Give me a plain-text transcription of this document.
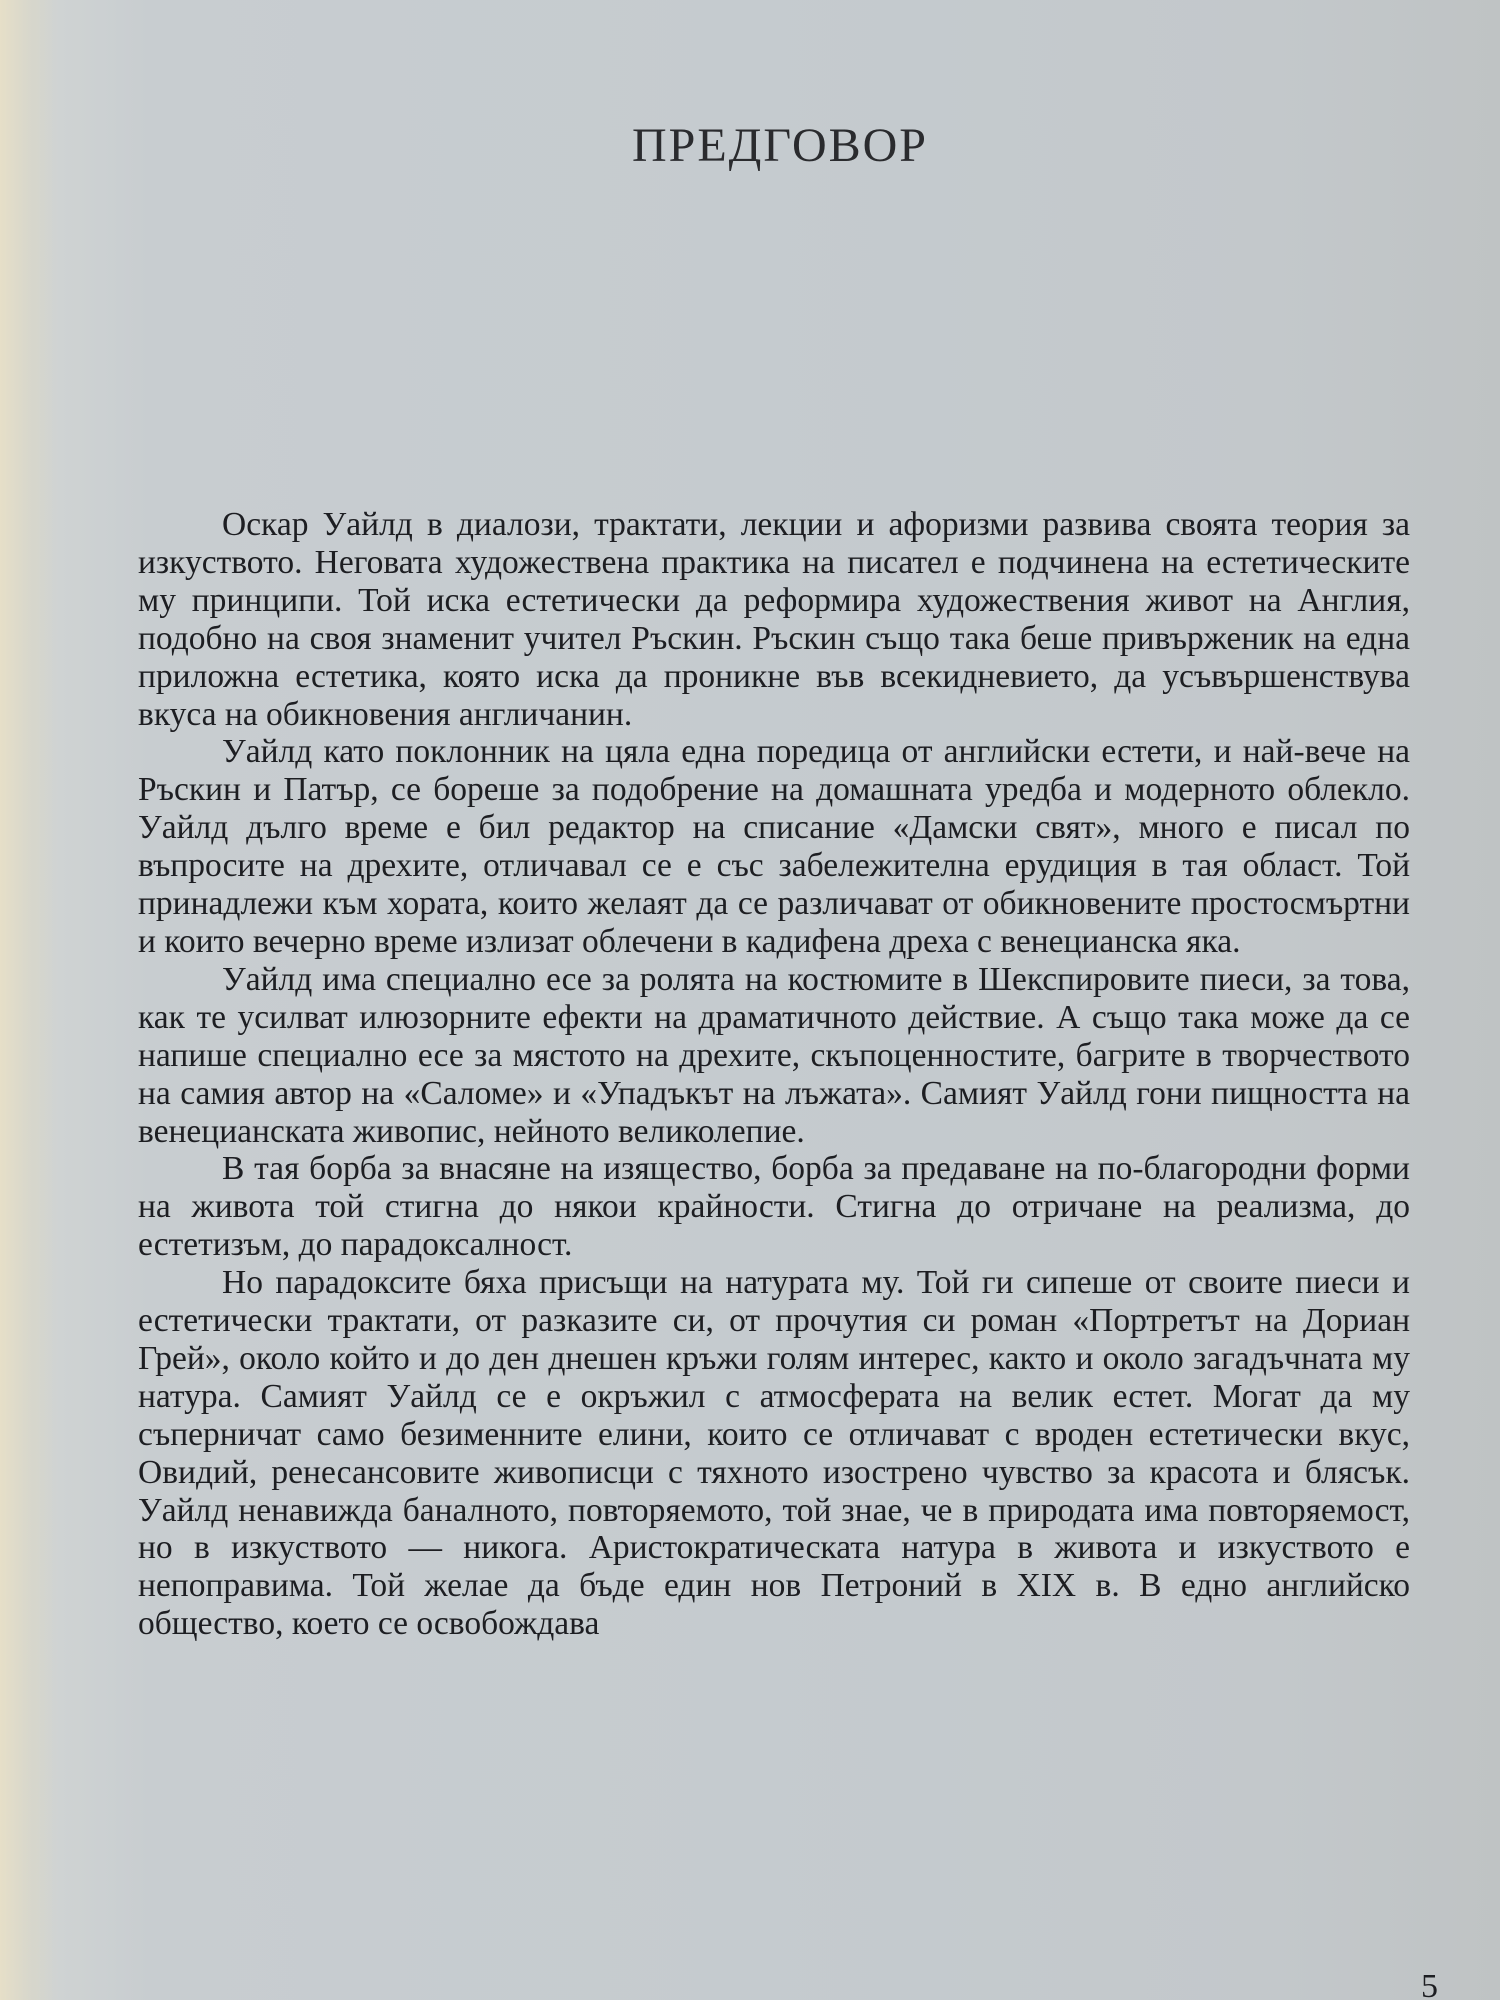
ПРЕДГОВОР

Оскар Уайлд в диалози, трактати, лекции и афоризми развива своята теория за изкуството. Неговата художествена практика на писател е подчинена на естетическите му принципи. Той иска естетически да реформира художествения живот на Англия, подобно на своя знаменит учител Ръскин. Ръскин също така беше привърженик на една приложна естетика, която иска да проникне във всекидневието, да усъвършенствува вкуса на обикновения англичанин.

Уайлд като поклонник на цяла една поредица от английски естети, и най-вече на Ръскин и Патър, се бореше за подобрение на домашната уредба и модерното облекло. Уайлд дълго време е бил редактор на списание «Дамски свят», много е писал по въпросите на дрехите, отличавал се е със забележителна ерудиция в тая област. Той принадлежи към хората, които желаят да се различават от обикновените простосмъртни и които вечерно време излизат облечени в кадифена дреха с венецианска яка.

Уайлд има специално есе за ролята на костюмите в Шекспировите пиеси, за това, как те усилват илюзорните ефекти на драматичното действие. А също така може да се напише специално есе за мястото на дрехите, скъпоценностите, багрите в творчеството на самия автор на «Саломе» и «Упадъкът на лъжата». Самият Уайлд гони пищността на венецианската живопис, нейното великолепие.

В тая борба за внасяне на изящество, борба за предаване на по-благородни форми на живота той стигна до някои крайности. Стигна до отричане на реализма, до естетизъм, до парадоксалност.

Но парадоксите бяха присъщи на натурата му. Той ги сипеше от своите пиеси и естетически трактати, от разказите си, от прочутия си роман «Портретът на Дориан Грей», около който и до ден днешен кръжи голям интерес, както и около загадъчната му натура. Самият Уайлд се е окръжил с атмосферата на велик естет. Могат да му съперничат само безименните елини, които се отличават с вроден естетически вкус, Овидий, ренесансовите живописци с тяхното изострено чувство за красота и блясък. Уайлд ненавижда баналното, повторяемото, той знае, че в природата има повторяемост, но в изкуството — никога. Аристократическата натура в живота и изкуството е непоправима. Той желае да бъде един нов Петроний в XIX в. В едно английско общество, което се освобождава

5
